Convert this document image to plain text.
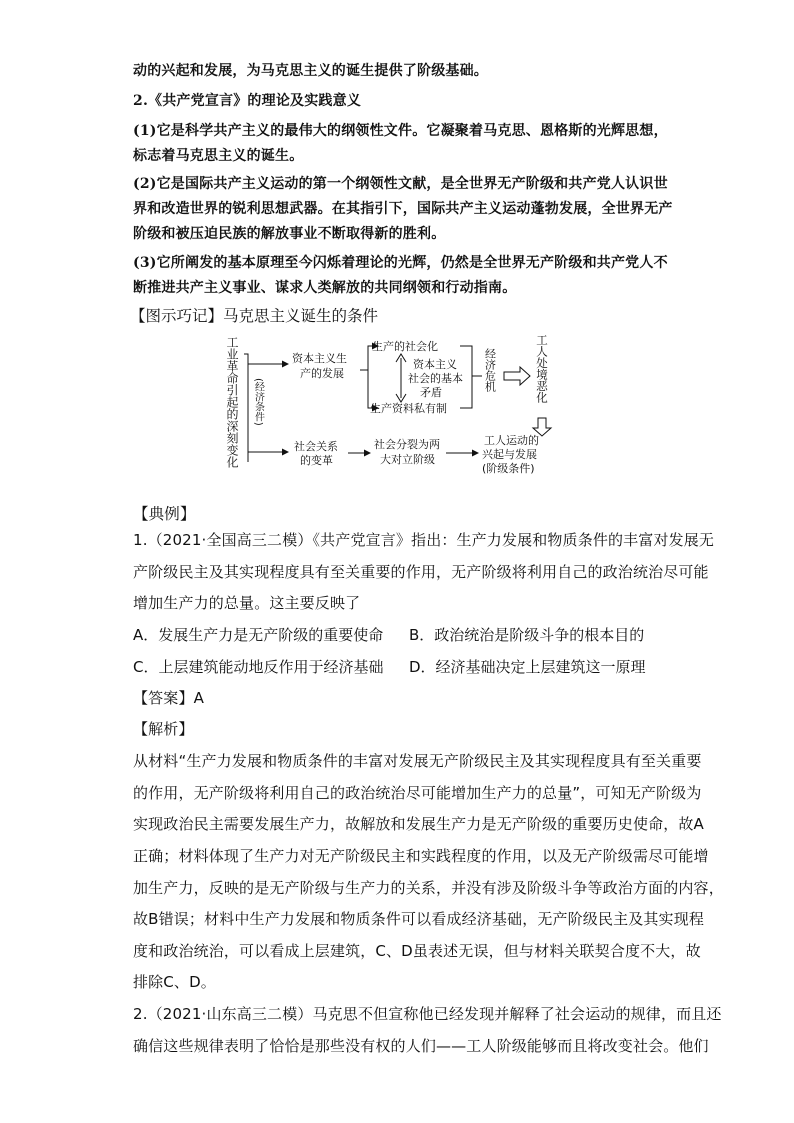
动的兴起和发展，为马克思主义的诞生提供了阶级基础。
2.《共产党宣言》的理论及实践意义
(1)它是科学共产主义的最伟大的纲领性文件。它凝聚着马克思、恩格斯的光辉思想，
标志着马克思主义的诞生。
(2)它是国际共产主义运动的第一个纲领性文献，是全世界无产阶级和共产党人认识世
界和改造世界的锐利思想武器。在其指引下，国际共产主义运动蓬勃发展，全世界无产
阶级和被压迫民族的解放事业不断取得新的胜利。
(3)它所阐发的基本原理至今闪烁着理论的光辉，仍然是全世界无产阶级和共产党人不
断推进共产主义事业、谋求人类解放的共同纲领和行动指南。
【图示巧记】马克思主义诞生的条件
工业革命引起的深刻变化 (经济条件)
资本主义生
产的发展
生产的社会化
生产资料私有制
资本主义
社会的基本
矛盾
经济危机	工人处境恶化
社会关系
的变革
社会分裂为两
大对立阶级
工人运动的
兴起与发展
(阶级条件)
【典例】
1.（2021·全国高三二模）《共产党宣言》指出：生产力发展和物质条件的丰富对发展无
产阶级民主及其实现程度具有至关重要的作用，无产阶级将利用自己的政治统治尽可能
增加生产力的总量。这主要反映了
A．发展生产力是无产阶级的重要使命 B．政治统治是阶级斗争的根本目的
C．上层建筑能动地反作用于经济基础 D．经济基础决定上层建筑这一原理
【答案】A
【解析】
从材料“生产力发展和物质条件的丰富对发展无产阶级民主及其实现程度具有至关重要
的作用，无产阶级将利用自己的政治统治尽可能增加生产力的总量”，可知无产阶级为
实现政治民主需要发展生产力，故解放和发展生产力是无产阶级的重要历史使命，故A
正确；材料体现了生产力对无产阶级民主和实践程度的作用，以及无产阶级需尽可能增
加生产力，反映的是无产阶级与生产力的关系，并没有涉及阶级斗争等政治方面的内容，
故B错误；材料中生产力发展和物质条件可以看成经济基础，无产阶级民主及其实现程
度和政治统治，可以看成上层建筑，C、D虽表述无误，但与材料关联契合度不大，故
排除C、D。
2.（2021·山东高三二模）马克思不但宣称他已经发现并解释了社会运动的规律，而且还
确信这些规律表明了恰恰是那些没有权的人们——工人阶级能够而且将改变社会。他们
